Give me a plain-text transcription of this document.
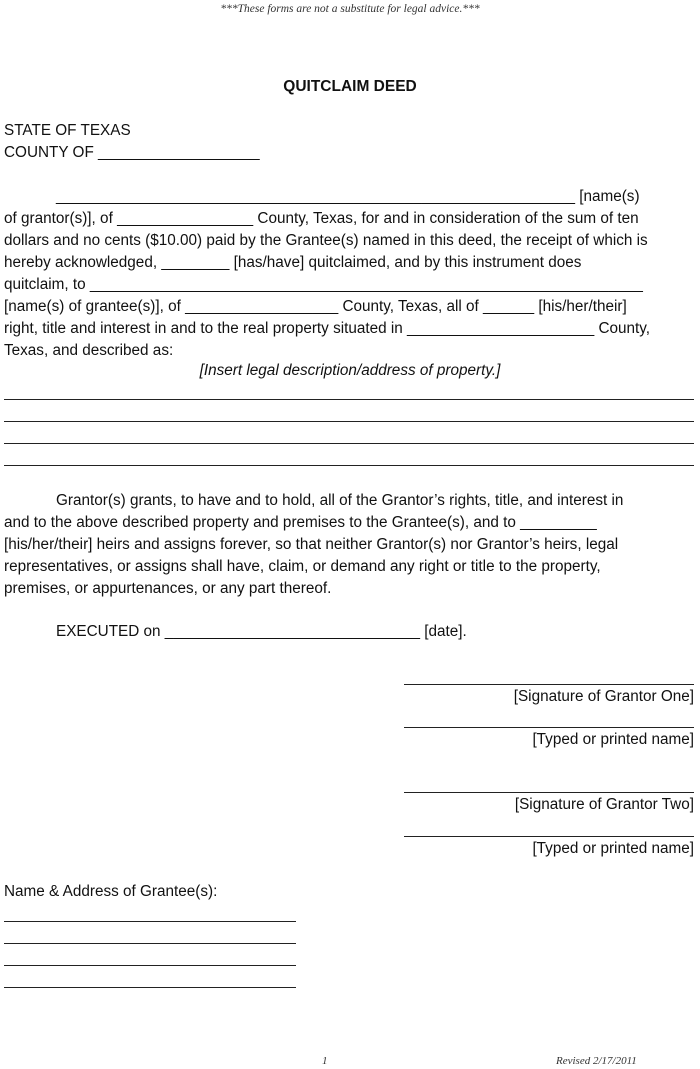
***These forms are not a substitute for legal advice.***

QUITCLAIM DEED

STATE OF TEXAS

COUNTY OF ___________________

_____________________________________________________________ [name(s)

of grantor(s)], of ________________ County, Texas, for and in consideration of the sum of ten

dollars and no cents ($10.00) paid by the Grantee(s) named in this deed, the receipt of which is

hereby acknowledged, ________ [has/have] quitclaimed, and by this instrument does

quitclaim, to _________________________________________________________________

[name(s) of grantee(s)], of __________________ County, Texas, all of ______ [his/her/their]

right, title and interest in and to the real property situated in ______________________ County,

Texas, and described as:

[Insert legal description/address of property.]

Grantor(s) grants, to have and to hold, all of the Grantor’s rights, title, and interest in

and to the above described property and premises to the Grantee(s), and to _________

[his/her/their] heirs and assigns forever, so that neither Grantor(s) nor Grantor’s heirs, legal

representatives, or assigns shall have, claim, or demand any right or title to the property,

premises, or appurtenances, or any part thereof.

EXECUTED on ______________________________ [date].

[Signature of Grantor One]

[Typed or printed name]

[Signature of Grantor Two]

[Typed or printed name]

Name & Address of Grantee(s):

1	Revised 2/17/2011
